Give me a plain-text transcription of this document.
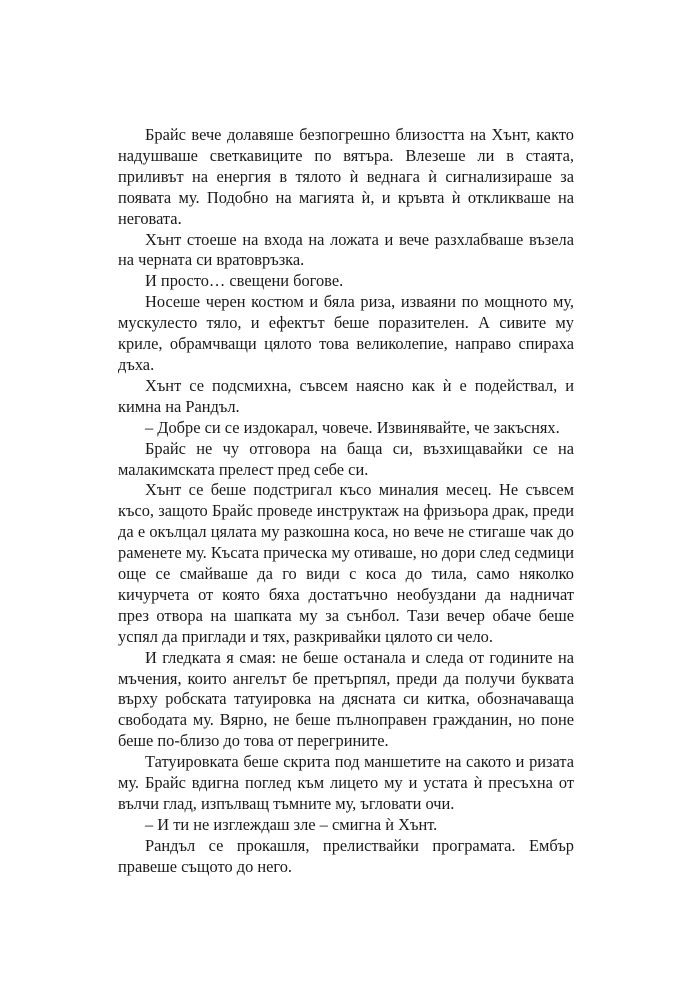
Брайс вече долавяше безпогрешно близостта на Хънт, както надушваше светкавиците по вятъра. Влезеше ли в стаята, приливът на енергия в тялото ѝ веднага ѝ сигнализираше за появата му. Подобно на магията ѝ, и кръвта ѝ откликваше на неговата.

Хънт стоеше на входа на ложата и вече разхлабваше възела на черната си вратовръзка.

И просто… свещени богове.

Носеше черен костюм и бяла риза, изваяни по мощното му, мускулесто тяло, и ефектът беше поразителен. А сивите му криле, обрамчващи цялото това великолепие, направо спираха дъха.

Хънт се подсмихна, съвсем наясно как ѝ е подействал, и кимна на Рандъл.

– Добре си се издокарал, човече. Извинявайте, че закъснях.

Брайс не чу отговора на баща си, възхищавайки се на малакимската прелест пред себе си.

Хънт се беше подстригал късо миналия месец. Не съвсем късо, защото Брайс проведе инструктаж на фризьора драк, преди да е окълцал цялата му разкошна коса, но вече не стигаше чак до раменете му. Късата прическа му отиваше, но дори след седмици още се смайваше да го види с коса до тила, само няколко кичурчета от която бяха достатъчно необуздани да надничат през отвора на шапката му за сънбол. Тази вечер обаче беше успял да приглади и тях, разкривайки цялото си чело.

И гледката я смая: не беше останала и следа от годините на мъчения, които ангелът бе претърпял, преди да получи буквата върху робската татуировка на дясната си китка, обозначаваща свободата му. Вярно, не беше пълноправен гражданин, но поне беше по-близо до това от перегрините.

Татуировката беше скрита под маншетите на сакото и ризата му. Брайс вдигна поглед към лицето му и устата ѝ пресъхна от вълчи глад, изпълващ тъмните му, ъгловати очи.

– И ти не изглеждаш зле – смигна ѝ Хънт.

Рандъл се прокашля, прелиствайки програмата. Ембър правеше същото до него.
